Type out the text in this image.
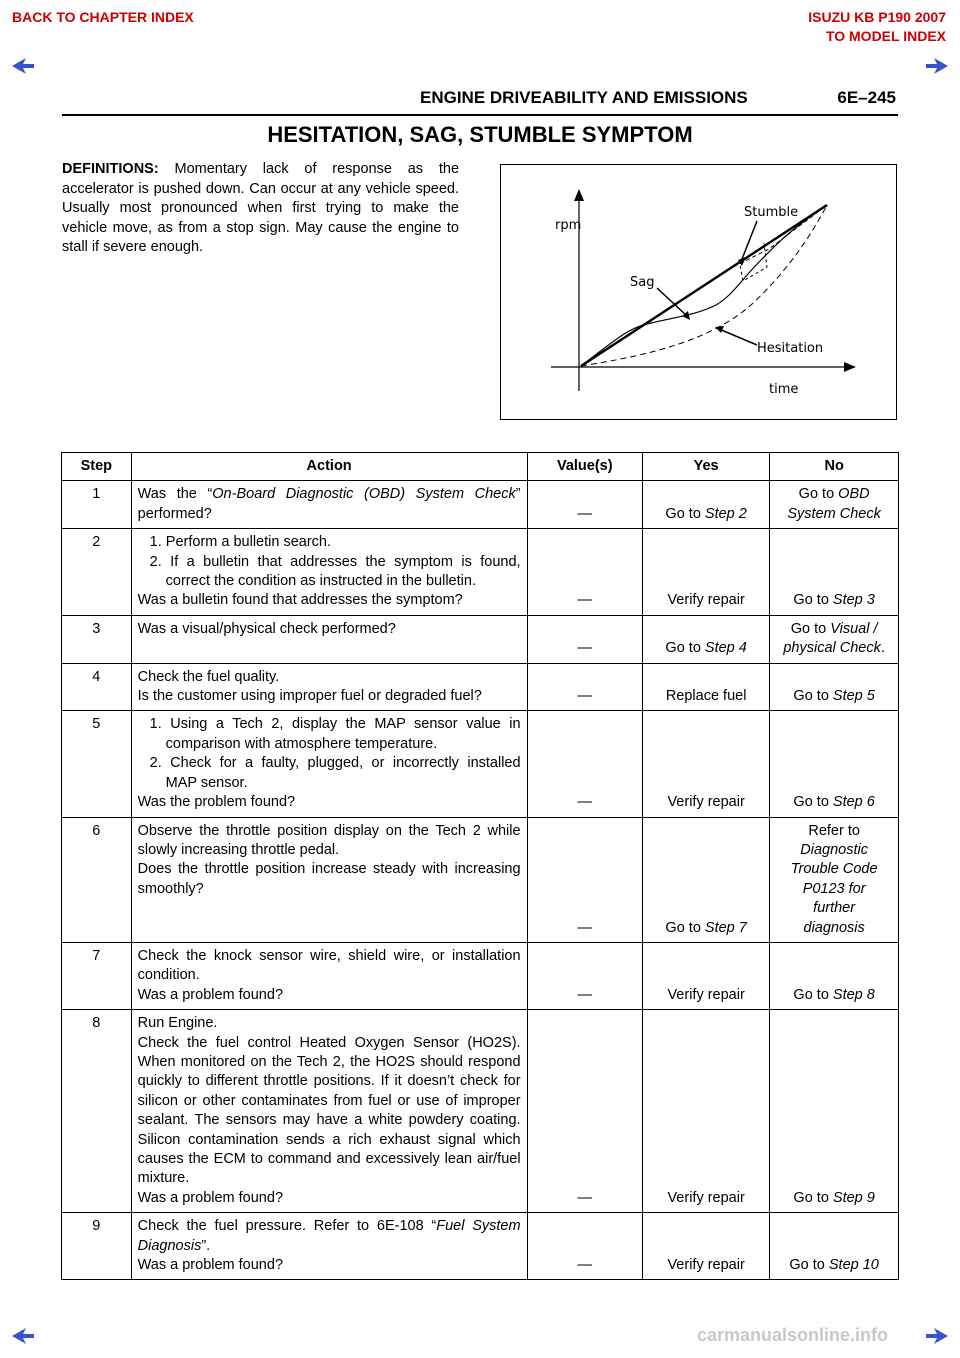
BACK TO CHAPTER INDEX	ISUZU KB P190 2007
TO MODEL INDEX
ENGINE DRIVEABILITY AND EMISSIONS	6E–245
HESITATION, SAG, STUMBLE SYMPTOM
DEFINITIONS: Momentary lack of response as the accelerator is pushed down. Can occur at any vehicle speed. Usually most pronounced when first trying to make the vehicle move, as from a stop sign. May cause the engine to stall if severe enough.
rpm
time
Stumble
Sag
Hesitation
Step	Action	Value(s)	Yes	No
1	Was the “On-Board Diagnostic (OBD) System Check” performed?	—	Go to Step 2	Go to OBD System Check
2	1. Perform a bulletin search.
2. If a bulletin that addresses the symptom is found, correct the condition as instructed in the bulletin.
Was a bulletin found that addresses the symptom?	—	Verify repair	Go to Step 3
3	Was a visual/physical check performed?	—	Go to Step 4	Go to Visual / physical Check.
4	Check the fuel quality.
Is the customer using improper fuel or degraded fuel?	—	Replace fuel	Go to Step 5
5	1. Using a Tech 2, display the MAP sensor value in comparison with atmosphere temperature.
2. Check for a faulty, plugged, or incorrectly installed MAP sensor.
Was the problem found?	—	Verify repair	Go to Step 6
6	Observe the throttle position display on the Tech 2 while slowly increasing throttle pedal.
Does the throttle position increase steady with increasing smoothly?	—	Go to Step 7	Refer to
Diagnostic Trouble Code P0123 for further diagnosis

7	Check the knock sensor wire, shield wire, or installation condition.
Was a problem found?	—	Verify repair	Go to Step 8
8	Run Engine.
Check the fuel control Heated Oxygen Sensor (HO2S). When monitored on the Tech 2, the HO2S should respond quickly to different throttle positions. If it doesn’t check for silicon or other contaminates from fuel or use of improper sealant. The sensors may have a white powdery coating. Silicon contamination sends a rich exhaust signal which causes the ECM to command and excessively lean air/fuel mixture.
Was a problem found?	—	Verify repair	Go to Step 9
9	Check the fuel pressure. Refer to 6E-108 “Fuel System Diagnosis”.
Was a problem found?	—	Verify repair	Go to Step 10
carmanualsonline.info
